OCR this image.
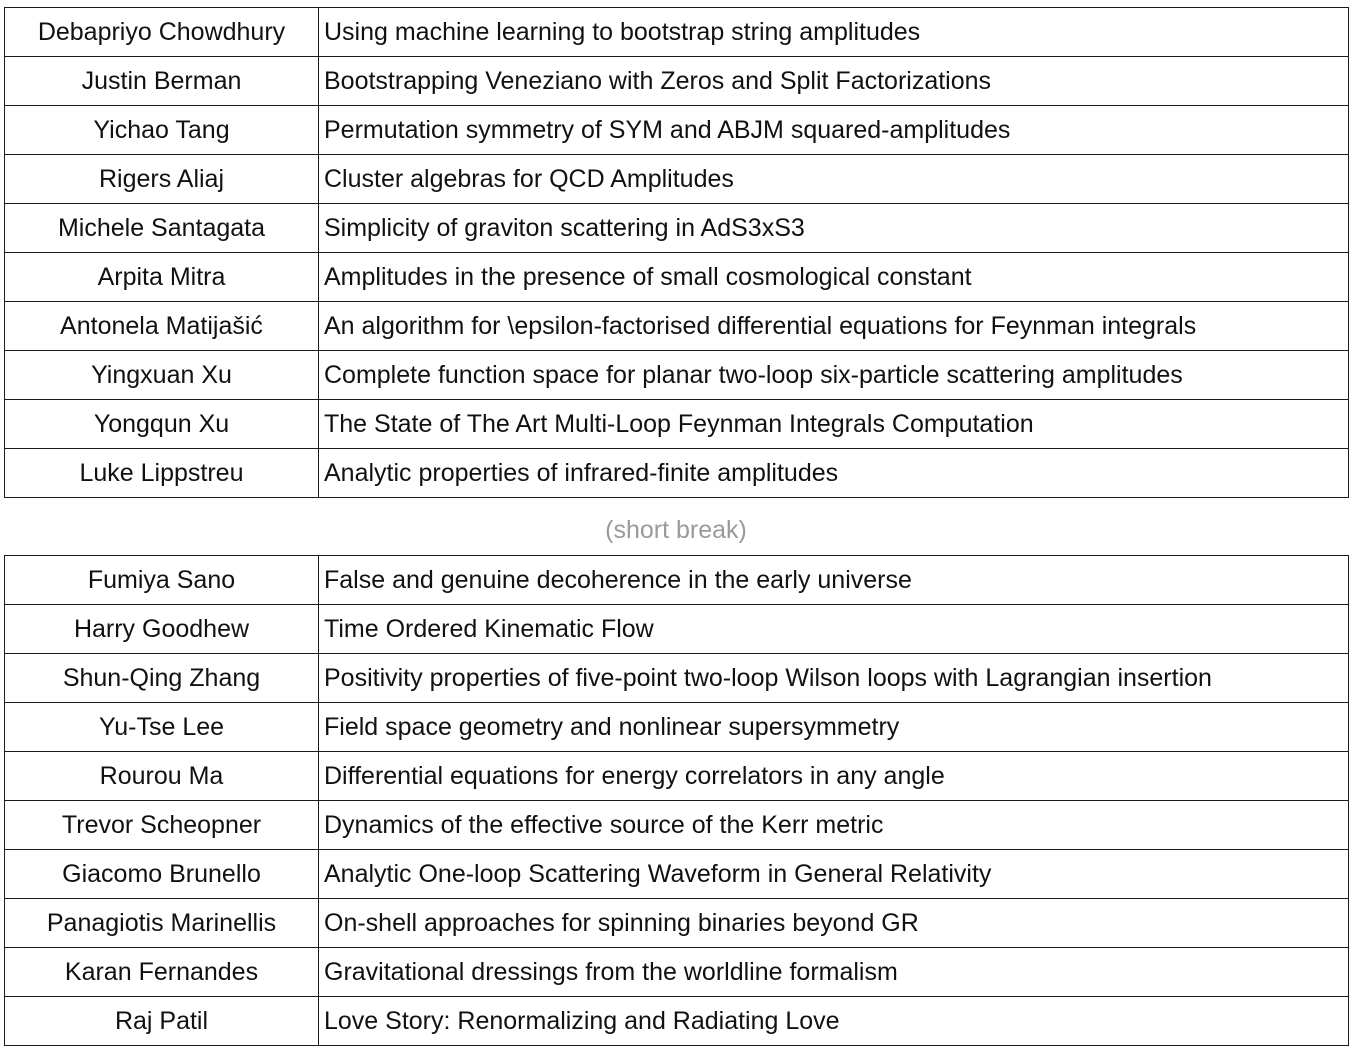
Debapriyo Chowdhury	Using machine learning to bootstrap string amplitudes
Justin Berman	Bootstrapping Veneziano with Zeros and Split Factorizations
Yichao Tang	Permutation symmetry of SYM and ABJM squared-amplitudes
Rigers Aliaj	Cluster algebras for QCD Amplitudes
Michele Santagata	Simplicity of graviton scattering in AdS3xS3
Arpita Mitra	Amplitudes in the presence of small cosmological constant
Antonela Matijašić	An algorithm for \epsilon-factorised differential equations for Feynman integrals
Yingxuan Xu	Complete function space for planar two-loop six-particle scattering amplitudes
Yongqun Xu	The State of The Art Multi-Loop Feynman Integrals Computation
Luke Lippstreu	Analytic properties of infrared-finite amplitudes
(short break)
Fumiya Sano	False and genuine decoherence in the early universe
Harry Goodhew	Time Ordered Kinematic Flow
Shun-Qing Zhang	Positivity properties of five-point two-loop Wilson loops with Lagrangian insertion
Yu-Tse Lee	Field space geometry and nonlinear supersymmetry
Rourou Ma	Differential equations for energy correlators in any angle
Trevor Scheopner	Dynamics of the effective source of the Kerr metric
Giacomo Brunello	Analytic One-loop Scattering Waveform in General Relativity
Panagiotis Marinellis	On-shell approaches for spinning binaries beyond GR
Karan Fernandes	Gravitational dressings from the worldline formalism
Raj Patil	Love Story: Renormalizing and Radiating Love
